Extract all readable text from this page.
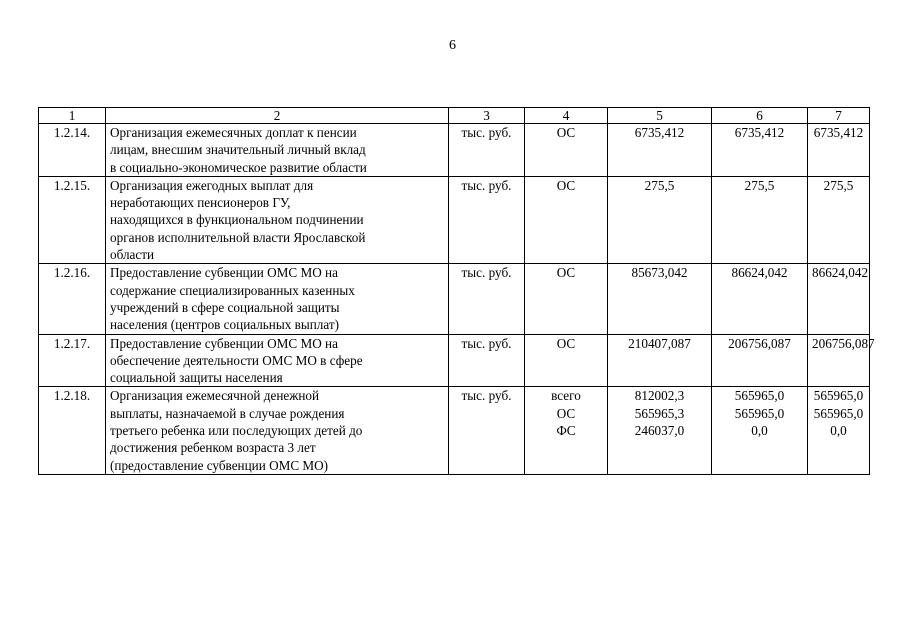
6
1	2	3	4	5	6	7
1.2.14.	Организация ежемесячных доплат к пенсии
лицам, внесшим значительный личный вклад
в социально-экономическое развитие области	тыс. руб.	ОС	6735,412	6735,412	6735,412

1.2.15.	Организация ежегодных выплат для
неработающих пенсионеров ГУ,
находящихся в функциональном подчинении
органов исполнительной власти Ярославской
области	тыс. руб.	ОС	275,5	275,5	275,5

1.2.16.	Предоставление субвенции ОМС МО на
содержание специализированных казенных
учреждений в сфере социальной защиты
населения (центров социальных выплат)	тыс. руб.	ОС	85673,042	86624,042	86624,042

1.2.17.	Предоставление субвенции ОМС МО на
обеспечение деятельности ОМС МО в сфере
социальной защиты населения	тыс. руб.	ОС	210407,087	206756,087	206756,087

1.2.18.	Организация ежемесячной денежной
выплаты, назначаемой в случае рождения
третьего ребенка или последующих детей до
достижения ребенком возраста 3 лет
(предоставление субвенции ОМС МО)	тыс. руб.	всего
ОС
ФС	812002,3
565965,3
246037,0	565965,0
565965,0
0,0	565965,0
565965,0
0,0
